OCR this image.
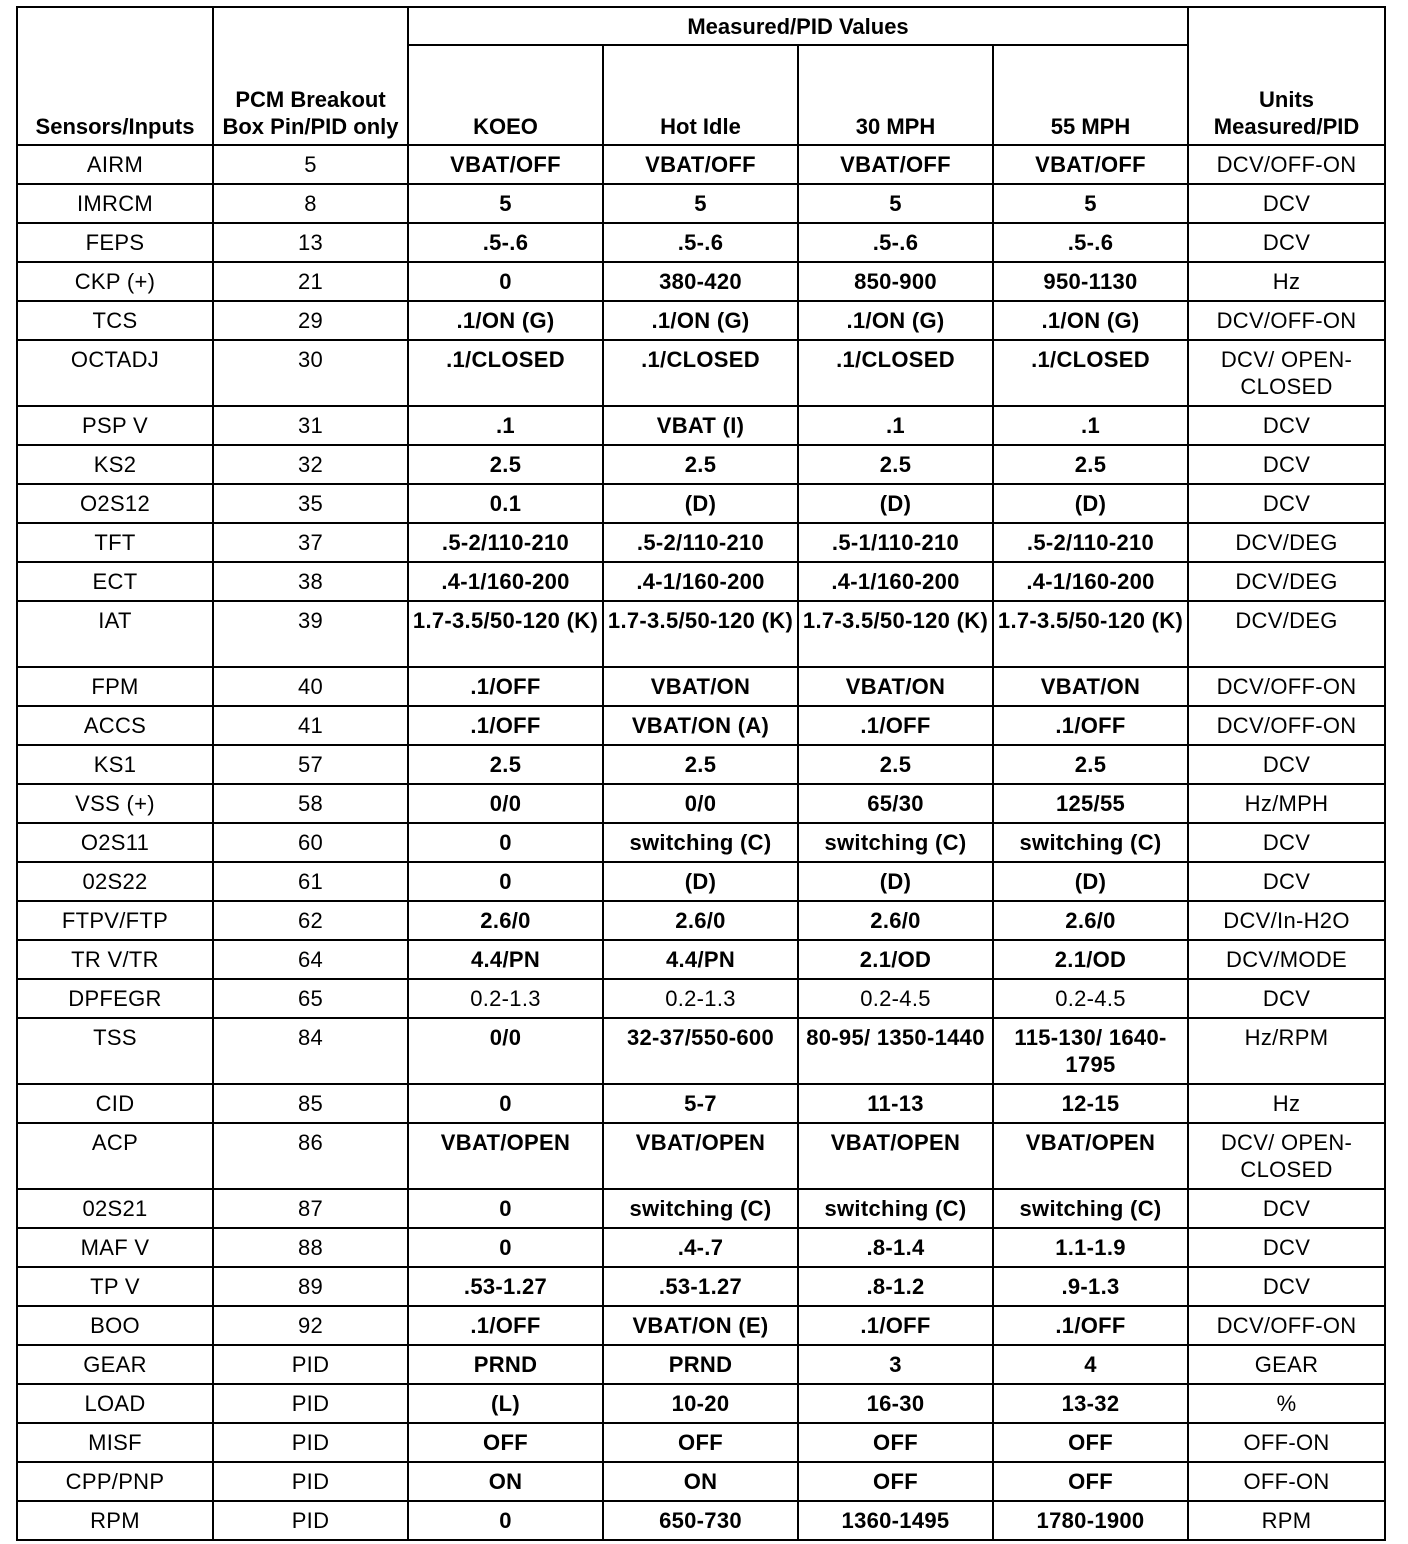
Sensors/Inputs	PCM Breakout Box Pin/PID only	Measured/PID Values				Units Measured/PID
		KOEO	Hot Idle	30 MPH	55 MPH	
AIRM	5	VBAT/OFF	VBAT/OFF	VBAT/OFF	VBAT/OFF	DCV/OFF-ON
IMRCM	8	5	5	5	5	DCV
FEPS	13	.5-.6	.5-.6	.5-.6	.5-.6	DCV
CKP (+)	21	0	380-420	850-900	950-1130	Hz
TCS	29	.1/ON (G)	.1/ON (G)	.1/ON (G)	.1/ON (G)	DCV/OFF-ON
OCTADJ	30	.1/CLOSED	.1/CLOSED	.1/CLOSED	.1/CLOSED	DCV/ OPEN-CLOSED
PSP V	31	.1	VBAT (I)	.1	.1	DCV
KS2	32	2.5	2.5	2.5	2.5	DCV
O2S12	35	0.1	(D)	(D)	(D)	DCV
TFT	37	.5-2/110-210	.5-2/110-210	.5-1/110-210	.5-2/110-210	DCV/DEG
ECT	38	.4-1/160-200	.4-1/160-200	.4-1/160-200	.4-1/160-200	DCV/DEG
IAT	39	1.7-3.5/50-120 (K)	1.7-3.5/50-120 (K)	1.7-3.5/50-120 (K)	1.7-3.5/50-120 (K)	DCV/DEG
FPM	40	.1/OFF	VBAT/ON	VBAT/ON	VBAT/ON	DCV/OFF-ON
ACCS	41	.1/OFF	VBAT/ON (A)	.1/OFF	.1/OFF	DCV/OFF-ON
KS1	57	2.5	2.5	2.5	2.5	DCV
VSS (+)	58	0/0	0/0	65/30	125/55	Hz/MPH
O2S11	60	0	switching (C)	switching (C)	switching (C)	DCV
02S22	61	0	(D)	(D)	(D)	DCV
FTPV/FTP	62	2.6/0	2.6/0	2.6/0	2.6/0	DCV/In-H2O
TR V/TR	64	4.4/PN	4.4/PN	2.1/OD	2.1/OD	DCV/MODE
DPFEGR	65	0.2-1.3	0.2-1.3	0.2-4.5	0.2-4.5	DCV
TSS	84	0/0	32-37/550-600	80-95/ 1350-1440	115-130/ 1640-1795	Hz/RPM
CID	85	0	5-7	11-13	12-15	Hz
ACP	86	VBAT/OPEN	VBAT/OPEN	VBAT/OPEN	VBAT/OPEN	DCV/ OPEN-CLOSED
02S21	87	0	switching (C)	switching (C)	switching (C)	DCV
MAF V	88	0	.4-.7	.8-1.4	1.1-1.9	DCV
TP V	89	.53-1.27	.53-1.27	.8-1.2	.9-1.3	DCV
BOO	92	.1/OFF	VBAT/ON (E)	.1/OFF	.1/OFF	DCV/OFF-ON
GEAR	PID	PRND	PRND	3	4	GEAR
LOAD	PID	(L)	10-20	16-30	13-32	%
MISF	PID	OFF	OFF	OFF	OFF	OFF-ON
CPP/PNP	PID	ON	ON	OFF	OFF	OFF-ON
RPM	PID	0	650-730	1360-1495	1780-1900	RPM
